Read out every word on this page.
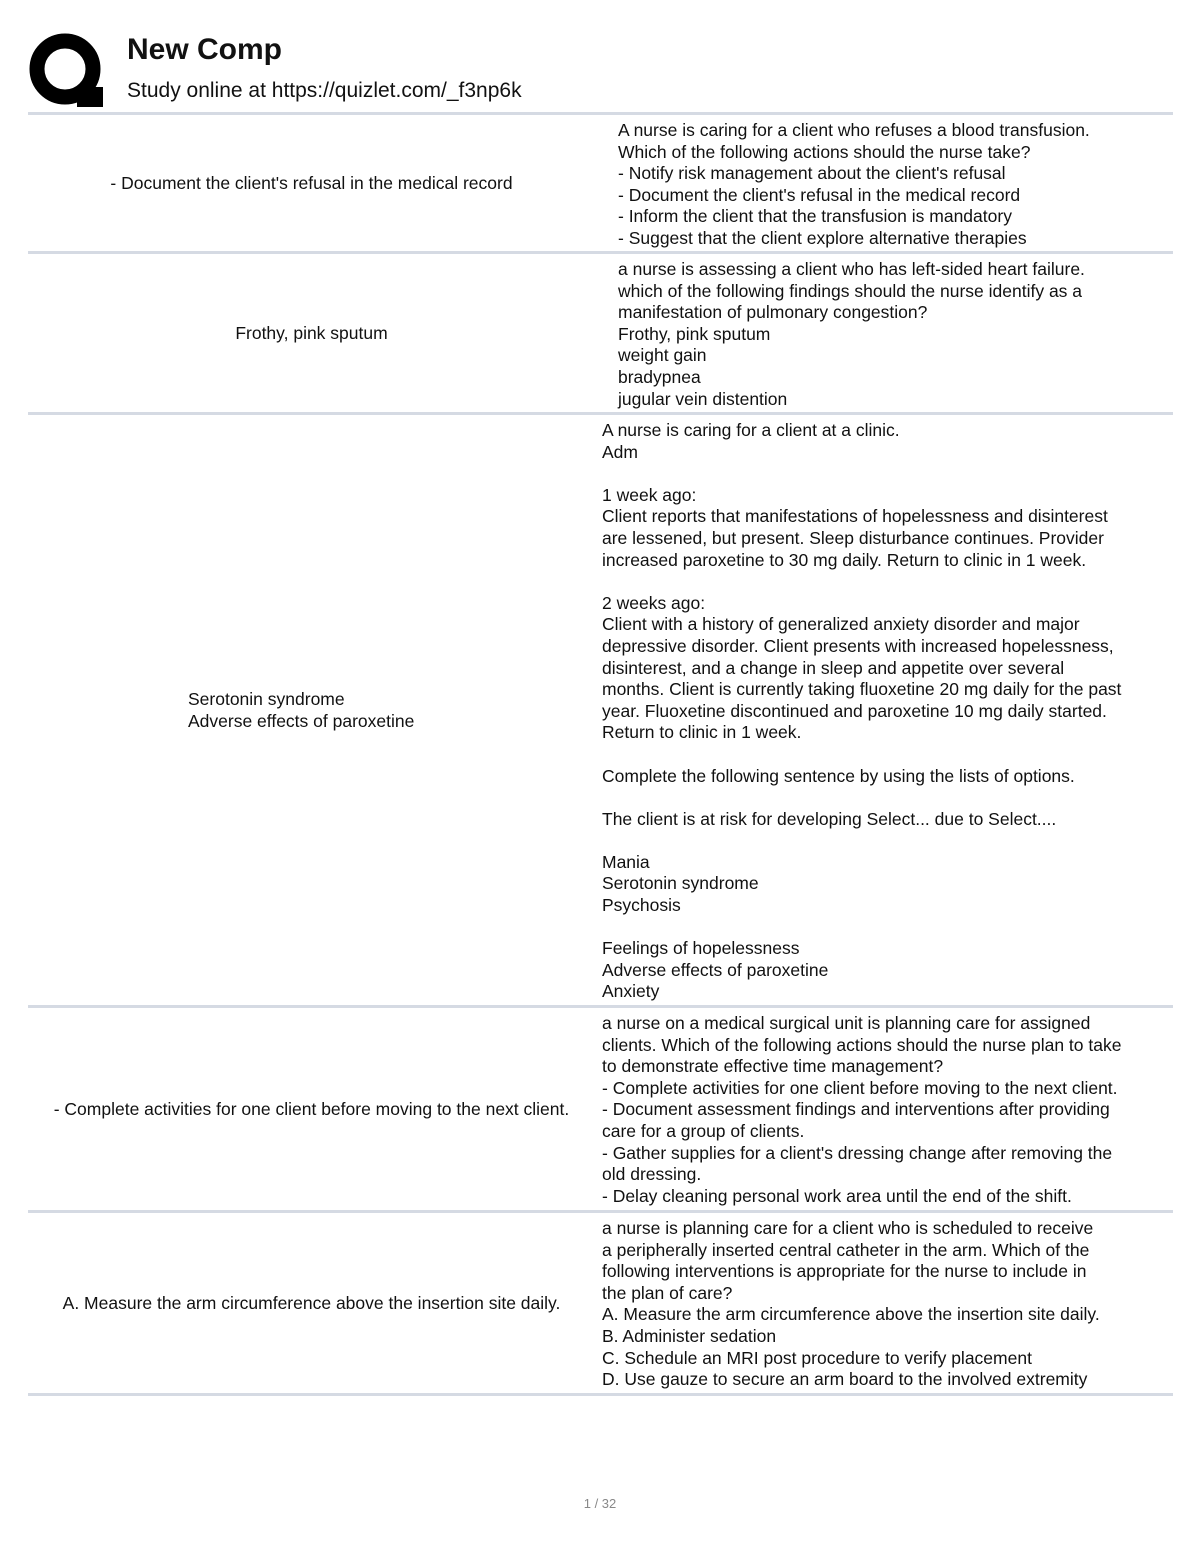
New Comp
Study online at https://quizlet.com/_f3np6k
- Document the client's refusal in the medical record
A nurse is caring for a client who refuses a blood transfusion.
Which of the following actions should the nurse take?
- Notify risk management about the client's refusal
- Document the client's refusal in the medical record
- Inform the client that the transfusion is mandatory
- Suggest that the client explore alternative therapies
Frothy, pink sputum
a nurse is assessing a client who has left-sided heart failure.
which of the following findings should the nurse identify as a
manifestation of pulmonary congestion?
Frothy, pink sputum
weight gain
bradypnea
jugular vein distention
Serotonin syndrome
Adverse effects of paroxetine
A nurse is caring for a client at a clinic.
Adm

1 week ago:
Client reports that manifestations of hopelessness and disinterest
are lessened, but present. Sleep disturbance continues. Provider
increased paroxetine to 30 mg daily. Return to clinic in 1 week.

2 weeks ago:
Client with a history of generalized anxiety disorder and major
depressive disorder. Client presents with increased hopelessness,
disinterest, and a change in sleep and appetite over several
months. Client is currently taking fluoxetine 20 mg daily for the past
year. Fluoxetine discontinued and paroxetine 10 mg daily started.
Return to clinic in 1 week.

Complete the following sentence by using the lists of options.

The client is at risk for developing Select... due to Select....

Mania
Serotonin syndrome
Psychosis

Feelings of hopelessness
Adverse effects of paroxetine
Anxiety
- Complete activities for one client before moving to the next client.
a nurse on a medical surgical unit is planning care for assigned
clients. Which of the following actions should the nurse plan to take
to demonstrate effective time management?
- Complete activities for one client before moving to the next client.
- Document assessment findings and interventions after providing
care for a group of clients.
- Gather supplies for a client's dressing change after removing the
old dressing.
- Delay cleaning personal work area until the end of the shift.
A. Measure the arm circumference above the insertion site daily.
a nurse is planning care for a client who is scheduled to receive
a peripherally inserted central catheter in the arm. Which of the
following interventions is appropriate for the nurse to include in
the plan of care?
A. Measure the arm circumference above the insertion site daily.
B. Administer sedation
C. Schedule an MRI post procedure to verify placement
D. Use gauze to secure an arm board to the involved extremity
1 / 32
